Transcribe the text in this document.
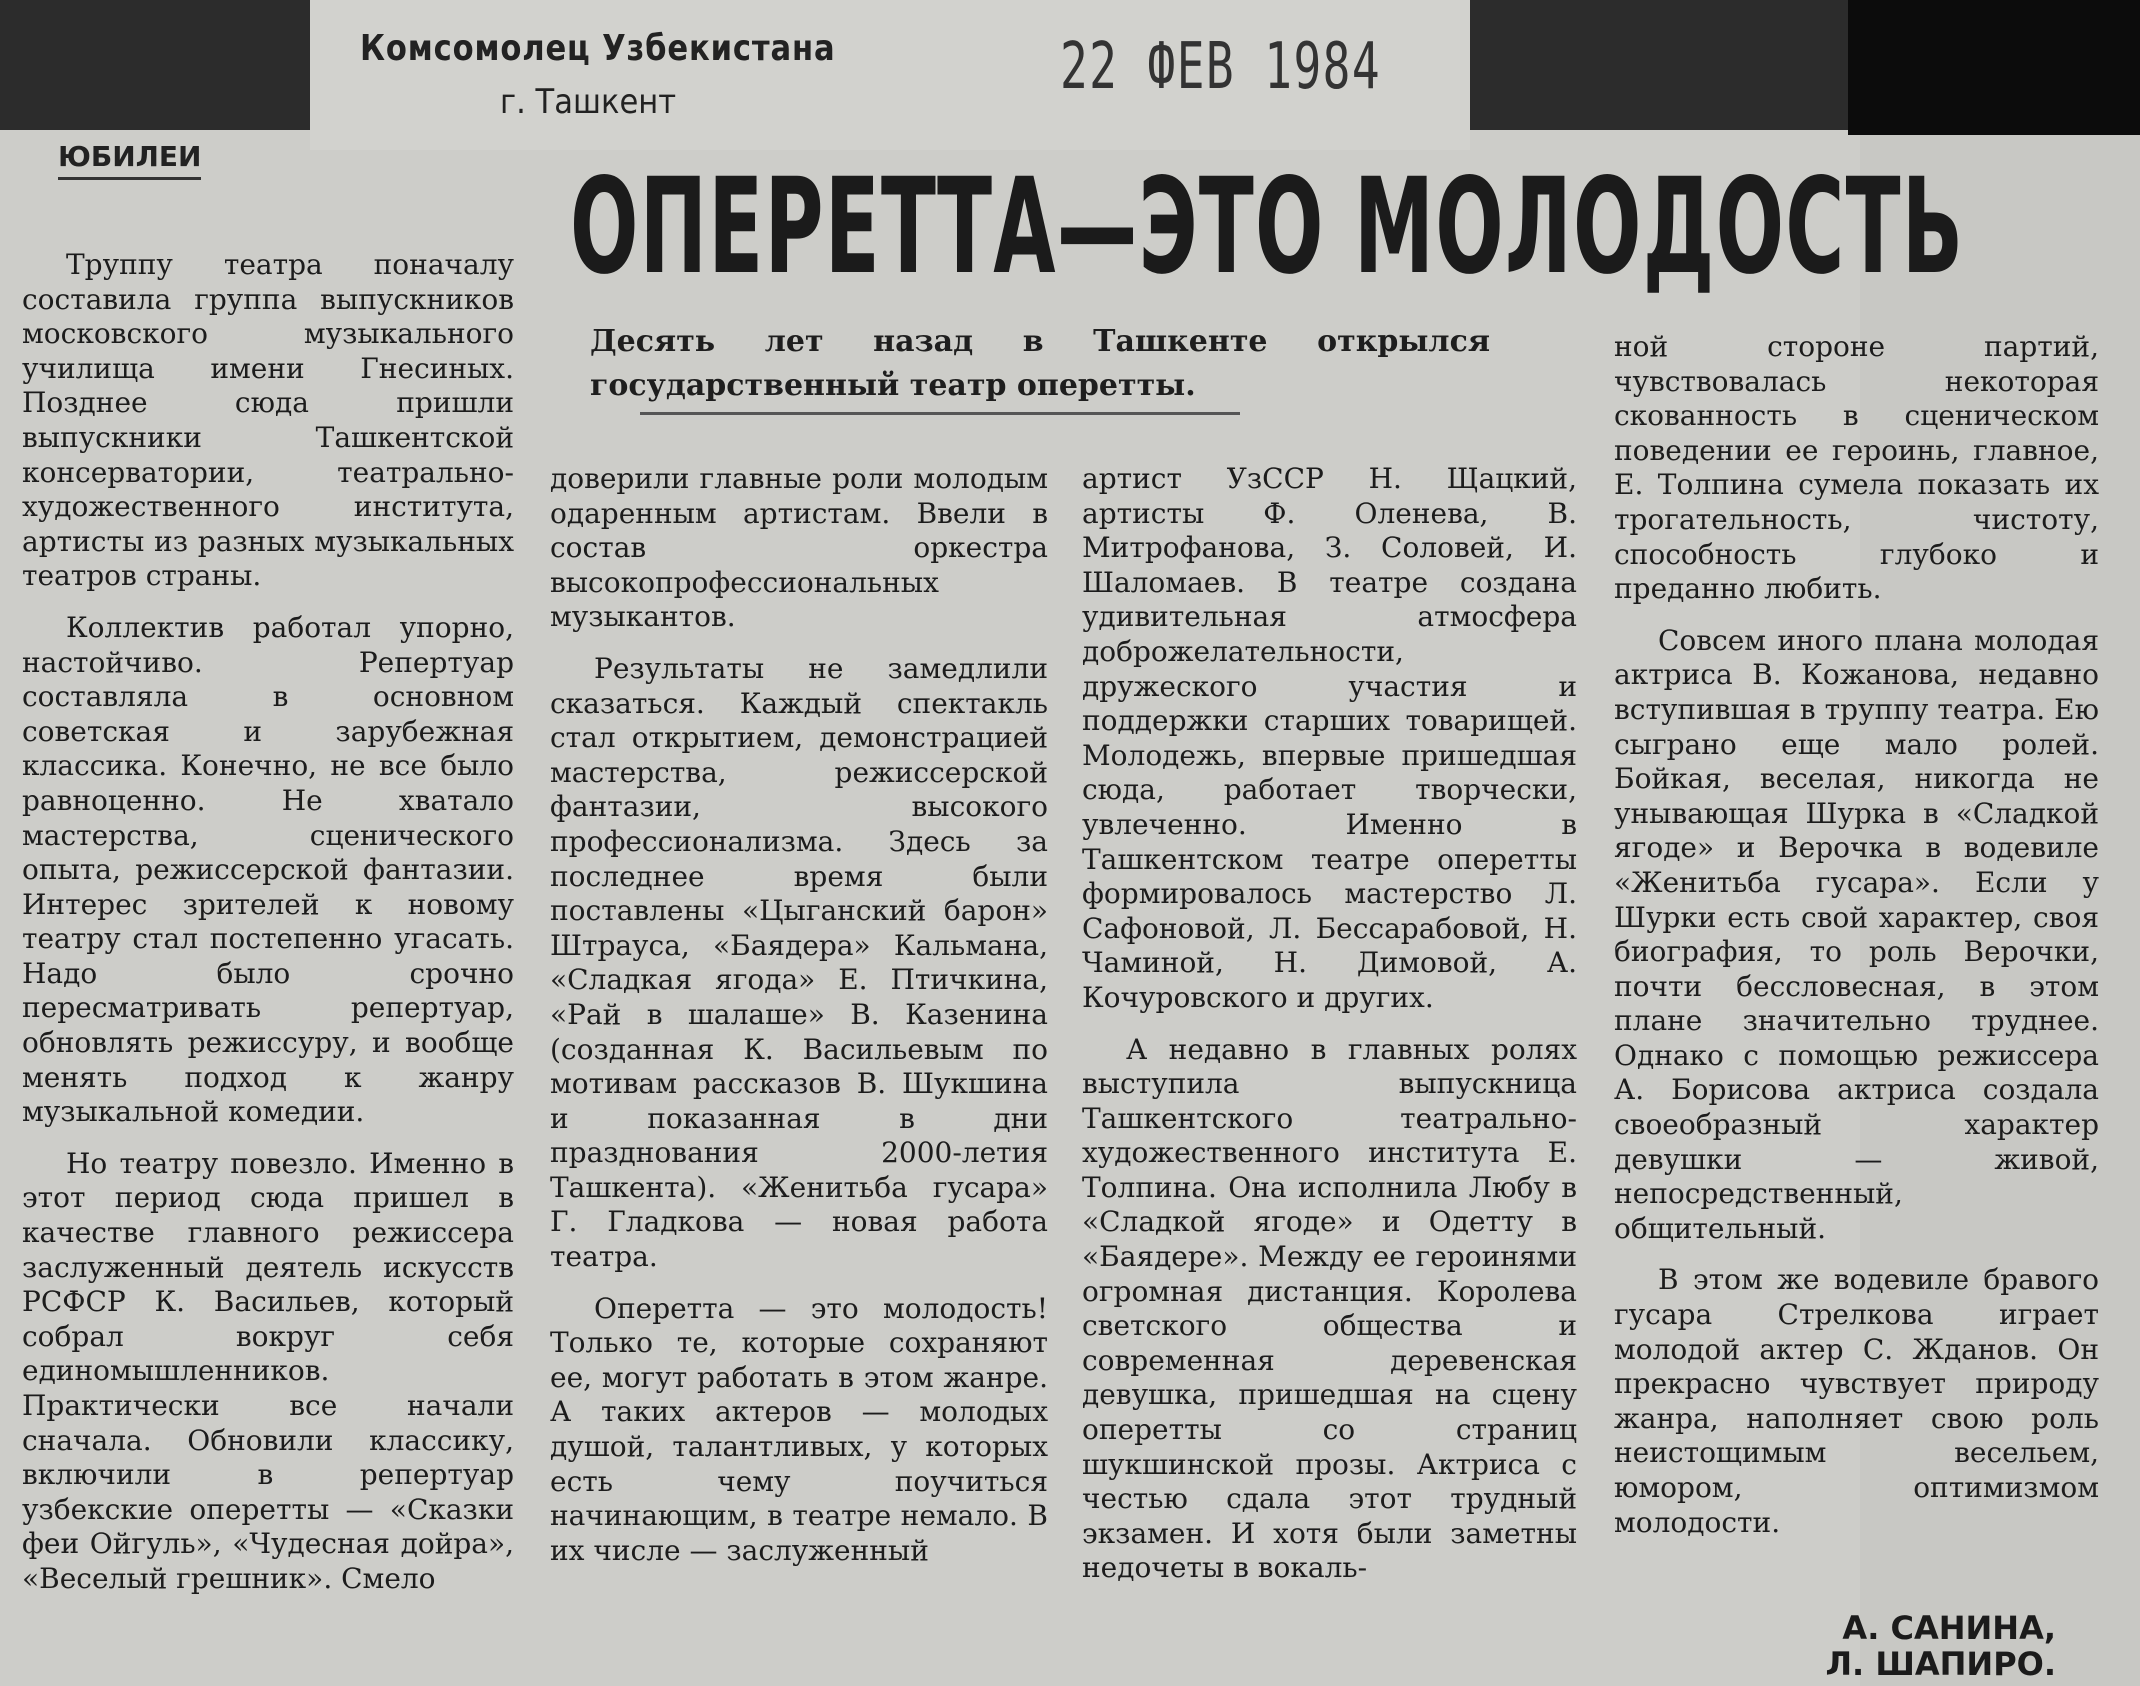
Комсомолец Узбекистана
г. Ташкент	22 ФЕВ 1984
ЮБИЛЕИ	ОПЕРЕТТА—ЭТО МОЛОДОСТЬ
Десять лет назад в Ташкенте открылся государственный театр оперетты.

Труппу театра поначалу составила группа выпускников московского музыкального училища имени Гнесиных. Позднее сюда пришли выпускники Ташкентской консерватории, театрально-художественного института, артисты из разных музыкальных театров страны.

Коллектив работал упорно, настойчиво. Репертуар составляла в основном советская и зарубежная классика. Конечно, не все было равноценно. Не хватало мастерства, сценического опыта, режиссерской фантазии. Интерес зрителей к новому театру стал постепенно угасать. Надо было срочно пересматривать репертуар, обновлять режиссуру, и вообще менять подход к жанру музыкальной комедии.

Но театру повезло. Именно в этот период сюда пришел в качестве главного режиссера заслуженный деятель искусств РСФСР К. Васильев, который собрал вокруг себя единомышленников. Практически все начали сначала. Обновили классику, включили в репертуар узбекские оперетты — «Сказки феи Ойгуль», «Чудесная дойра», «Веселый грешник». Смело

доверили главные роли молодым одаренным артистам. Ввели в состав оркестра высокопрофессиональных музыкантов.

Результаты не замедлили сказаться. Каждый спектакль стал открытием, демонстрацией мастерства, режиссерской фантазии, высокого профессионализма. Здесь за последнее время были поставлены «Цыганский барон» Штрауса, «Баядера» Кальмана, «Сладкая ягода» Е. Птичкина, «Рай в шалаше» В. Казенина (созданная К. Васильевым по мотивам рассказов В. Шукшина и показанная в дни празднования 2000-летия Ташкента). «Женитьба гусара» Г. Гладкова — новая работа театра.

Оперетта — это молодость! Только те, которые сохраняют ее, могут работать в этом жанре. А таких актеров — молодых душой, талантливых, у которых есть чему поучиться начинающим, в театре немало. В их числе — заслуженный

артист УзССР Н. Щацкий, артисты Ф. Оленева, В. Митрофанова, З. Соловей, И. Шаломаев. В театре создана удивительная атмосфера доброжелательности, дружеского участия и поддержки старших товарищей. Молодежь, впервые пришедшая сюда, работает творчески, увлеченно. Именно в Ташкентском театре оперетты формировалось мастерство Л. Сафоновой, Л. Бессарабовой, Н. Чаминой, Н. Димовой, А. Кочуровского и других.

А недавно в главных ролях выступила выпускница Ташкентского театрально-художественного института Е. Толпина. Она исполнила Любу в «Сладкой ягоде» и Одетту в «Баядере». Между ее героинями огромная дистанция. Королева светского общества и современная деревенская девушка, пришедшая на сцену оперетты со страниц шукшинской прозы. Актриса с честью сдала этот трудный экзамен. И хотя были заметны недочеты в вокаль-

ной стороне партий, чувствовалась некоторая скованность в сценическом поведении ее героинь, главное, Е. Толпина сумела показать их трогательность, чистоту, способность глубоко и преданно любить.

Совсем иного плана молодая актриса В. Кожанова, недавно вступившая в труппу театра. Ею сыграно еще мало ролей. Бойкая, веселая, никогда не унывающая Шурка в «Сладкой ягоде» и Верочка в водевиле «Женитьба гусара». Если у Шурки есть свой характер, своя биография, то роль Верочки, почти бессловесная, в этом плане значительно труднее. Однако с помощью режиссера А. Борисова актриса создала своеобразный характер девушки — живой, непосредственный, общительный.

В этом же водевиле бравого гусара Стрелкова играет молодой актер С. Жданов. Он прекрасно чувствует природу жанра, наполняет свою роль неистощимым весельем, юмором, оптимизмом молодости.

А. САНИНА,
Л. ШАПИРО.
